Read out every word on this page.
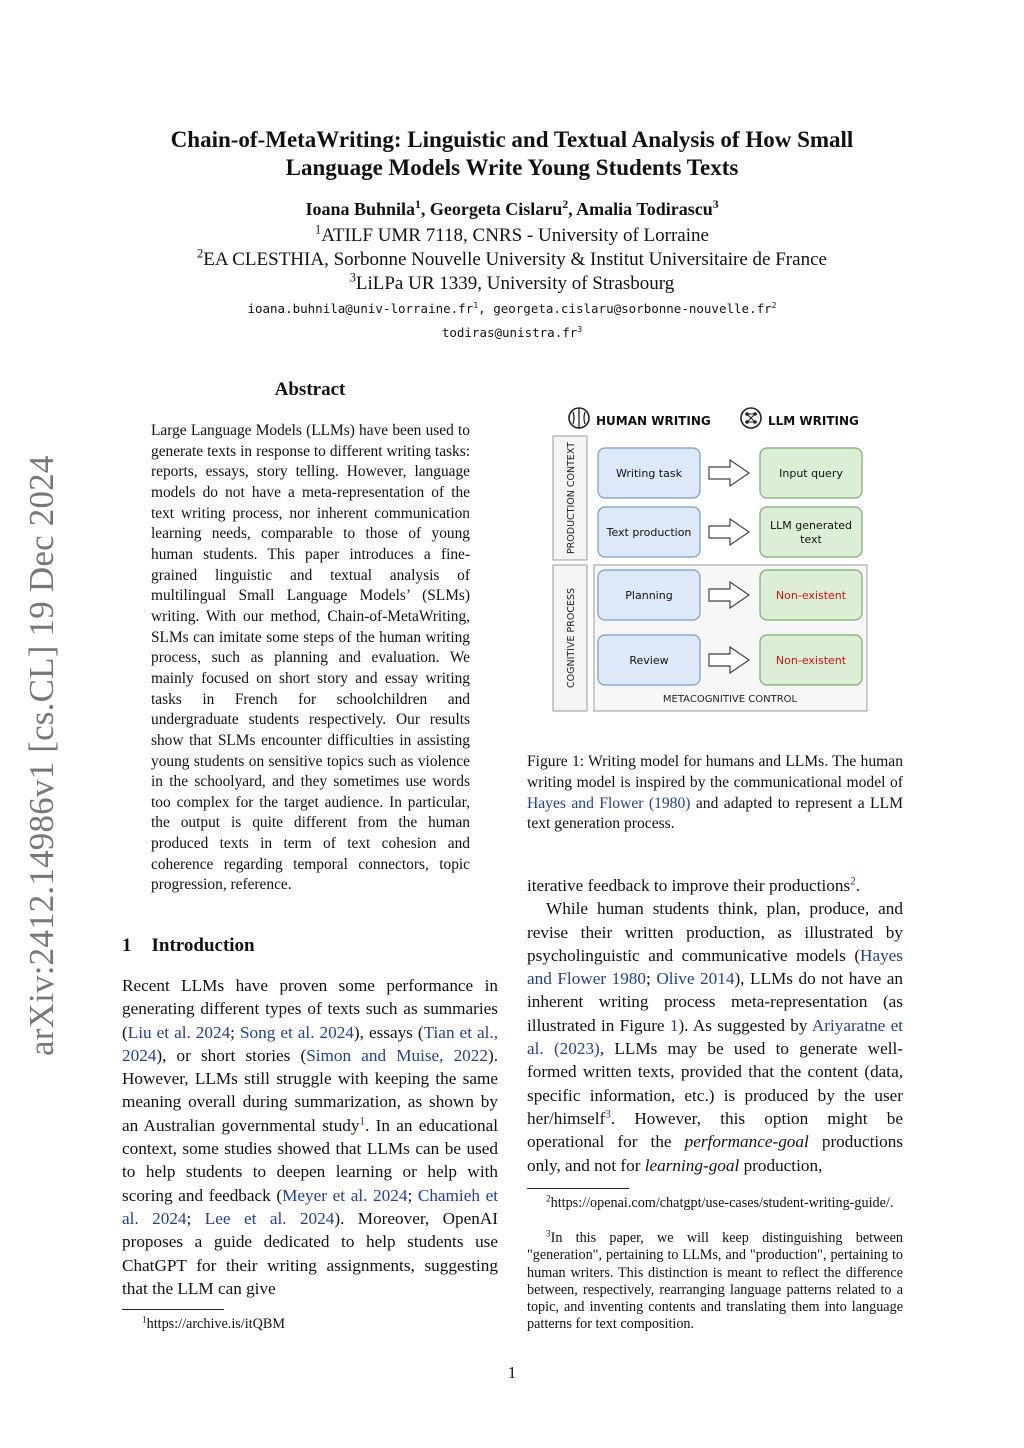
arXiv:2412.14986v1 [cs.CL] 19 Dec 2024
Chain-of-MetaWriting: Linguistic and Textual Analysis of How Small
Language Models Write Young Students Texts
Ioana Buhnila$^1$, Georgeta Cislaru$^2$, Amalia Todirascu$^3$
$^1$ATILF UMR 7118, CNRS - University of Lorraine
$^2$EA CLESTHIA, Sorbonne Nouvelle University & Institut Universitaire de France
$^3$LiLPa UR 1339, University of Strasbourg
$ioana.buhnila@univ-lorraine.fr^1$, $georgeta.cislaru@sorbonne-nouvelle.fr^2$
$todiras@unistra.fr^3$
Abstract
Large Language Models (LLMs) have been used to generate texts in response to different writing tasks: reports, essays, story telling. However, language models do not have a meta-representation of the text writing process, nor inherent communication learning needs, comparable to those of young human students. This paper introduces a fine-grained linguistic and textual analysis of multilingual Small Language Models’ (SLMs) writing. With our method, Chain-of-MetaWriting, SLMs can imitate some steps of the human writing process, such as planning and evaluation. We mainly focused on short story and essay writing tasks in French for schoolchildren and undergraduate students respectively. Our results show that SLMs encounter difficulties in assisting young students on sensitive topics such as violence in the schoolyard, and they sometimes use words too complex for the target audience. In particular, the output is quite different from the human produced texts in term of text cohesion and coherence regarding temporal connectors, topic progression, reference.
1 Introduction
Recent LLMs have proven some performance in generating different types of texts such as summaries (Liu et al. 2024; Song et al. 2024), essays (Tian et al., 2024), or short stories (Simon and Muise, 2022). However, LLMs still struggle with keeping the same meaning overall during summarization, as shown by an Australian governmental study$^1$. In an educational context, some studies showed that LLMs can be used to help students to deepen learning or help with scoring and feedback (Meyer et al. 2024; Chamieh et al. 2024; Lee et al. 2024). Moreover, OpenAI proposes a guide dedicated to help students use ChatGPT for their writing assignments, suggesting that the LLM can give
$^1$https://archive.is/itQBM
HUMAN WRITING	LLM WRITING
PRODUCTION CONTEXT
COGNITIVE PROCESS
METACOGNITIVE CONTROL
Writing task	Input query
Text production
LLM generated
text
Planning	Non-existent
Review	Non-existent
Figure 1: Writing model for humans and LLMs. The human writing model is inspired by the communicational model of Hayes and Flower (1980) and adapted to represent a LLM text generation process.
iterative feedback to improve their productions$^2$.
While human students think, plan, produce, and revise their written production, as illustrated by psycholinguistic and communicative models (Hayes and Flower 1980; Olive 2014), LLMs do not have an inherent writing process meta-representation (as illustrated in Figure 1). As suggested by Ariyaratne et al. (2023), LLMs may be used to generate well-formed written texts, provided that the content (data, specific information, etc.) is produced by the user her/himself$^3$. However, this option might be operational for the performance-goal productions only, and not for learning-goal production,
$^2$https://openai.com/chatgpt/use-cases/student-writing-guide/.
$^3$In this paper, we will keep distinguishing between "generation", pertaining to LLMs, and "production", pertaining to human writers. This distinction is meant to reflect the difference between, respectively, rearranging language patterns related to a topic, and inventing contents and translating them into language patterns for text composition.
1
